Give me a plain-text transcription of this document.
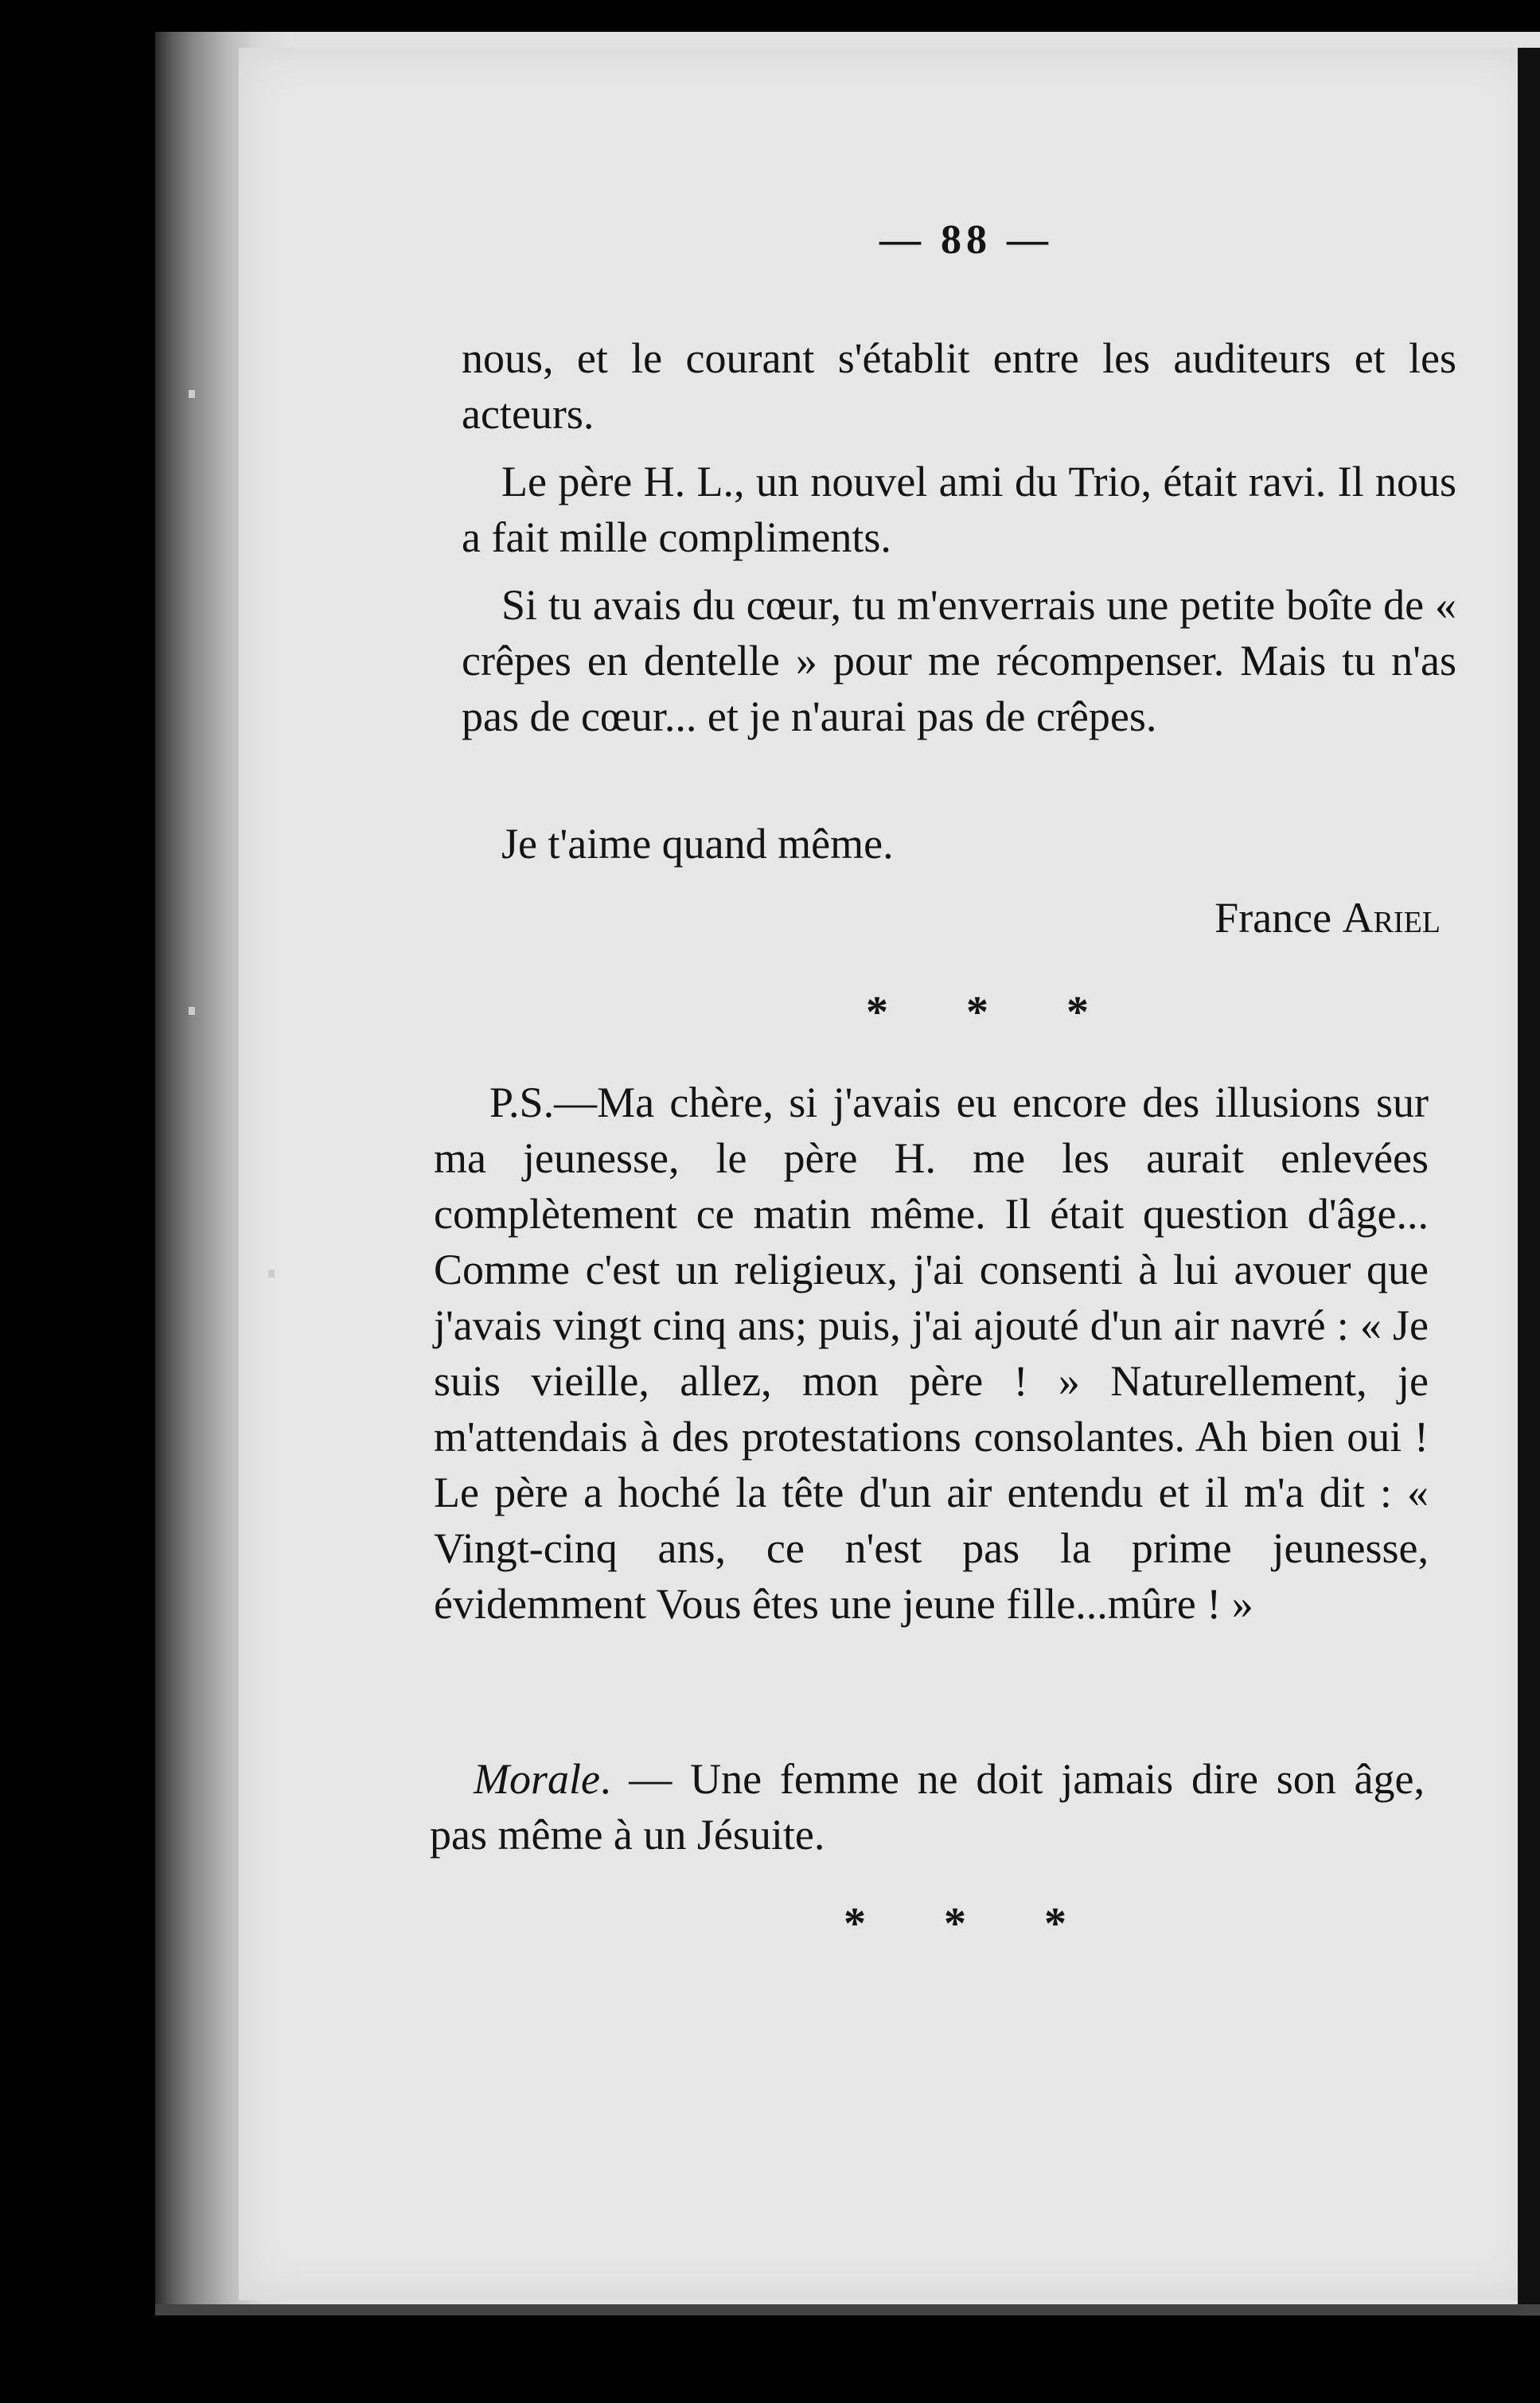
— 88 —

nous, et le courant s'établit entre les auditeurs et les acteurs.

Le père H. L., un nouvel ami du Trio, était ravi. Il nous a fait mille compliments.

Si tu avais du cœur, tu m'enverrais une petite boîte de « crêpes en dentelle » pour me récompenser. Mais tu n'as pas de cœur... et je n'aurai pas de crêpes.

Je t'aime quand même.

France Ariel
* * *

P.S.—Ma chère, si j'avais eu encore des illusions sur ma jeunesse, le père H. me les aurait enlevées complètement ce matin même. Il était question d'âge... Comme c'est un religieux, j'ai consenti à lui avouer que j'avais vingt cinq ans; puis, j'ai ajouté d'un air navré : « Je suis vieille, allez, mon père ! » Naturellement, je m'attendais à des protestations consolantes. Ah bien oui ! Le père a hoché la tête d'un air entendu et il m'a dit : « Vingt-cinq ans, ce n'est pas la prime jeunesse, évidemment Vous êtes une jeune fille...mûre ! »

Morale. — Une femme ne doit jamais dire son âge, pas même à un Jésuite.

* * *
